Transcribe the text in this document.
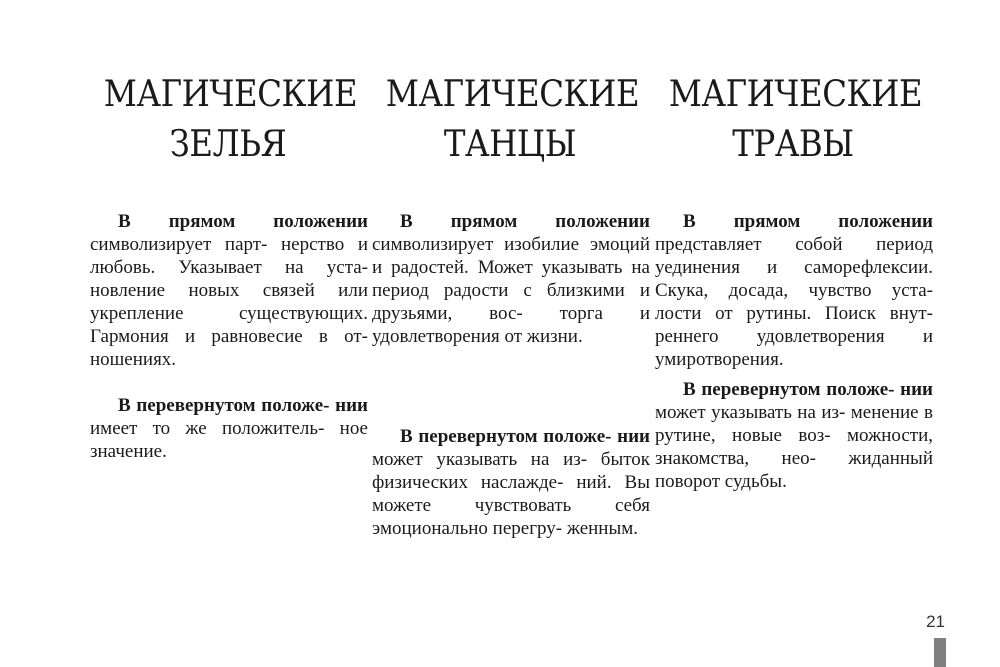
МАГИЧЕСКИЕ
ЗЕЛЬЯ

В прямом положении символизирует парт- нерство и любовь. Указывает на уста- новление новых связей или укрепление существующих. Гармония и равновесие в от- ношениях.

В перевернутом положе- нии имеет то же положитель- ное значение.

МАГИЧЕСКИЕ
ТАНЦЫ

В прямом положении символизирует изобилие эмоций и радостей. Может указывать на период радости с близкими и друзьями, вос- торга и удовлетворения от жизни.

В перевернутом положе- нии может указывать на из- быток физических наслажде- ний. Вы можете чувствовать себя эмоционально перегру- женным.

МАГИЧЕСКИЕ
ТРАВЫ

В прямом положении представляет собой период уединения и саморефлексии. Скука, досада, чувство уста- лости от рутины. Поиск внут- реннего удовлетворения и умиротворения.

В перевернутом положе- нии может указывать на из- менение в рутине, новые воз- можности, знакомства, нео- жиданный поворот судьбы.

21
